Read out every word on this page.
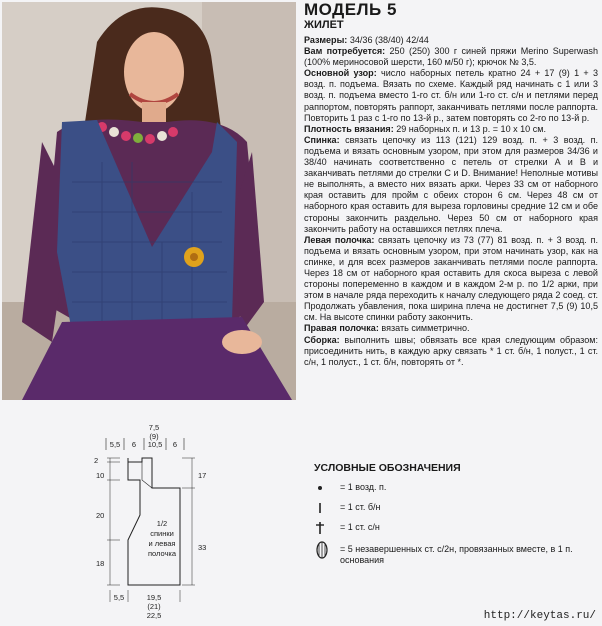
МОДЕЛЬ 5
ЖИЛЕТ

Размеры: 34/36 (38/40) 42/44

Вам потребуется: 250 (250) 300 г синей пряжи Merino Superwash (100% мериносовой шерсти, 160 м/50 г); крючок № 3,5.

Основной узор: число наборных петель кратно 24 + 17 (9) 1 + 3 возд. п. подъема. Вязать по схеме. Каждый ряд начинать с 1 или 3 возд. п. подъема вместо 1-го ст. б/н или 1-го ст. с/н и петлями перед раппортом, повторять раппорт, заканчивать петлями после раппорта. Повторить 1 раз с 1-го по 13-й р., затем повторять со 2-го по 13-й р.

Плотность вязания: 29 наборных п. и 13 р. = 10 х 10 см.

Спинка: связать цепочку из 113 (121) 129 возд. п. + 3 возд. п. подъема и вязать основным узором, при этом для размеров 34/36 и 38/40 начинать соответственно с петель от стрелки А и В и заканчивать петлями до стрелки С и D. Внимание! Неполные мотивы не выполнять, а вместо них вязать арки. Через 33 см от наборного края оставить для пройм с обеих сторон 6 см. Через 48 см от наборного края оставить для выреза горловины средние 12 см и обе стороны закончить раздельно. Через 50 см от наборного края закончить работу на оставшихся петлях плеча.

Левая полочка: связать цепочку из 73 (77) 81 возд. п. + 3 возд. п. подъема и вязать основным узором, при этом начинать узор, как на спинке, и для всех размеров заканчивать петлями после раппорта. Через 18 см от наборного края оставить для скоса выреза с левой стороны попеременно в каждом и в каждом 2-м р. по 1/2 арки, при этом в начале ряда переходить к началу следующего ряда 2 соед. ст. Продолжать убавления, пока ширина плеча не достигнет 7,5 (9) 10,5 см. На высоте спинки работу закончить.

Правая полочка: вязать симметрично.

Сборка: выполнить швы; обвязать все края следующим образом: присоединить нить, в каждую арку связать * 1 ст. б/н, 1 полуст., 1 ст. с/н, 1 полуст., 1 ст. б/н, повторять от *.

7,5
(9)
5,5 6 10,5 6
2
10
20
18
17
33
1/2
спинки
и левая
полочка
5,5	19,5
(21)
22,5
УСЛОВНЫЕ ОБОЗНАЧЕНИЯ
= 1 возд. п.
= 1 ст. б/н
= 1 ст. с/н
= 5 незавершенных ст. с/2н, провязанных вместе, в 1 п. основания
http://keytas.ru/
